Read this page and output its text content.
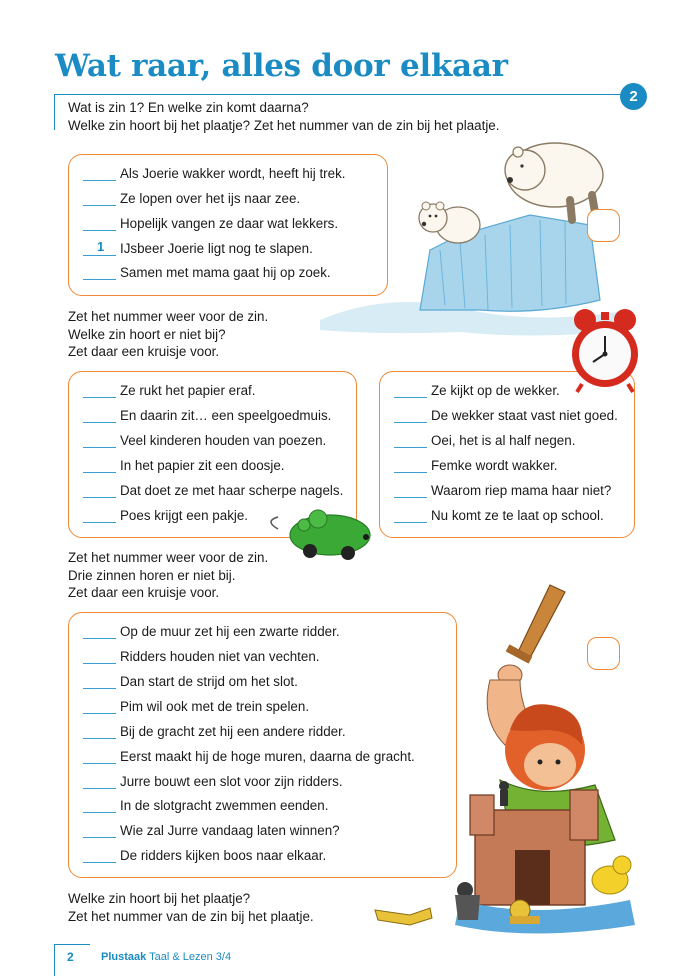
Wat raar, alles door elkaar
2
Wat is zin 1? En welke zin komt daarna?
Welke zin hoort bij het plaatje? Zet het nummer van de zin bij het plaatje.
Als Joerie wakker wordt, heeft hij trek.
Ze lopen over het ijs naar zee.
Hopelijk vangen ze daar wat lekkers.
1 IJsbeer Joerie ligt nog te slapen.
Samen met mama gaat hij op zoek.
Zet het nummer weer voor de zin.
Welke zin hoort er niet bij?
Zet daar een kruisje voor.
Ze rukt het papier eraf.
En daarin zit… een speelgoedmuis.
Veel kinderen houden van poezen.
In het papier zit een doosje.
Dat doet ze met haar scherpe nagels.
Poes krijgt een pakje.
Ze kijkt op de wekker.
De wekker staat vast niet goed.
Oei, het is al half negen.
Femke wordt wakker.
Waarom riep mama haar niet?
Nu komt ze te laat op school.
Zet het nummer weer voor de zin.
Drie zinnen horen er niet bij.
Zet daar een kruisje voor.
Op de muur zet hij een zwarte ridder.
Ridders houden niet van vechten.
Dan start de strijd om het slot.
Pim wil ook met de trein spelen.
Bij de gracht zet hij een andere ridder.
Eerst maakt hij de hoge muren, daarna de gracht.
Jurre bouwt een slot voor zijn ridders.
In de slotgracht zwemmen eenden.
Wie zal Jurre vandaag laten winnen?
De ridders kijken boos naar elkaar.
Welke zin hoort bij het plaatje?
Zet het nummer van de zin bij het plaatje.
2 Plustaak Taal & Lezen 3/4
